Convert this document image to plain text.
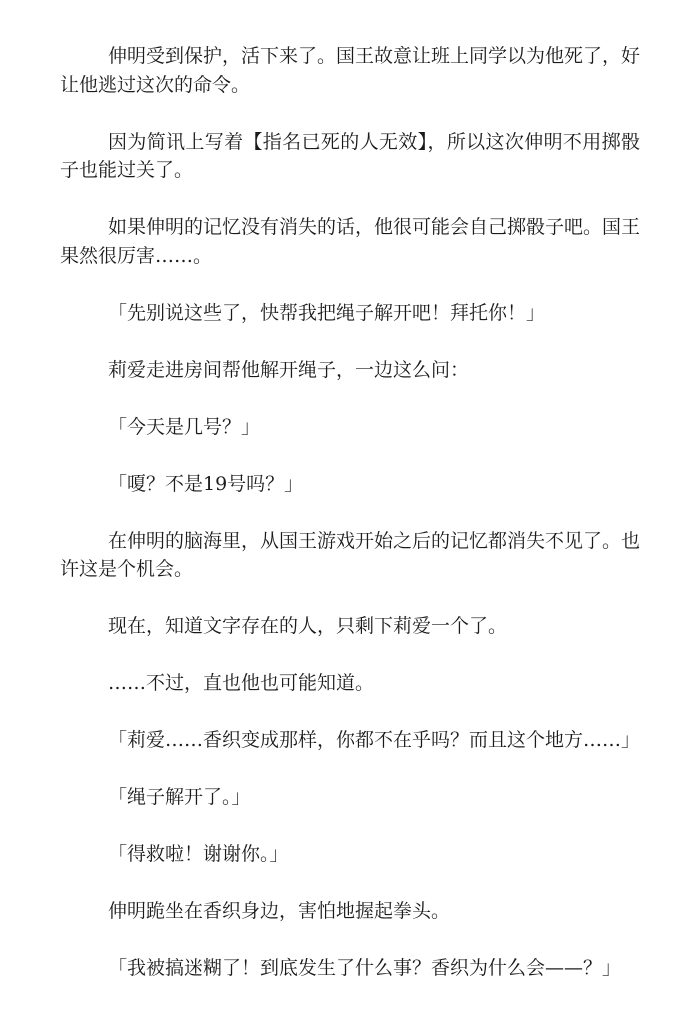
伸明受到保护，活下来了。国王故意让班上同学以为他死了，好让他逃过这次的命令。

因为简讯上写着【指名已死的人无效】，所以这次伸明不用掷骰子也能过关了。

如果伸明的记忆没有消失的话，他很可能会自己掷骰子吧。国王果然很厉害……。

「先别说这些了，快帮我把绳子解开吧！拜托你！」

莉爱走进房间帮他解开绳子，一边这么问：

「今天是几号？」

「嗄？不是19号吗？」

在伸明的脑海里，从国王游戏开始之后的记忆都消失不见了。也许这是个机会。

现在，知道文字存在的人，只剩下莉爱一个了。

……不过，直也他也可能知道。

「莉爱……香织变成那样，你都不在乎吗？而且这个地方……」

「绳子解开了。」

「得救啦！谢谢你。」

伸明跪坐在香织身边，害怕地握起拳头。

「我被搞迷糊了！到底发生了什么事？香织为什么会——？」
